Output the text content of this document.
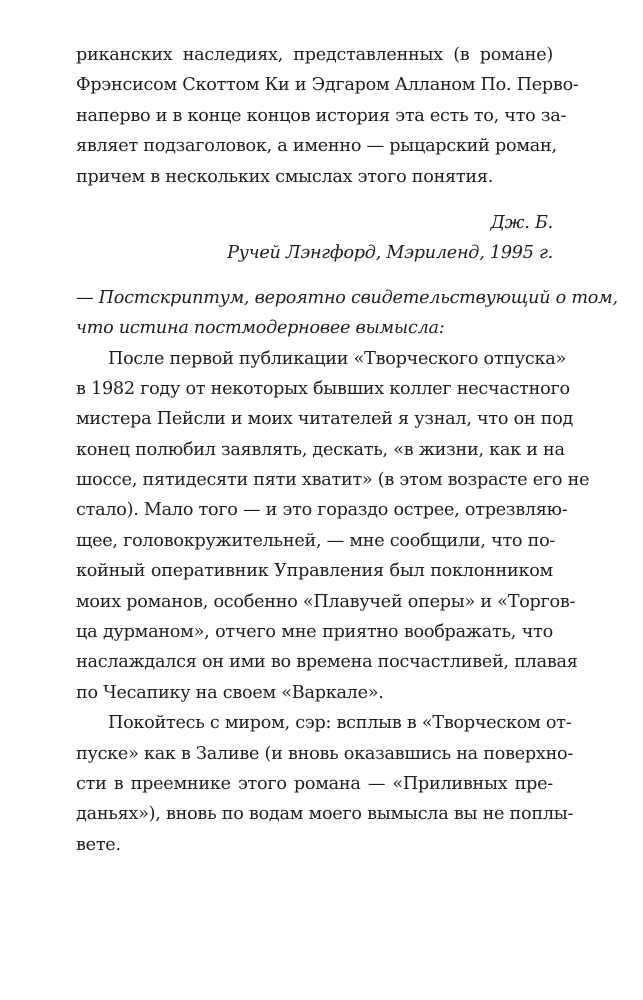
риканских наследиях, представленных (в романе)
Фрэнсисом Скоттом Ки и Эдгаром Алланом По. Перво-
наперво и в конце концов история эта есть то, что за-
являет подзаголовок, а именно — рыцарский роман,
причем в нескольких смыслах этого понятия.
Дж. Б.
Ручей Лэнгфорд, Мэриленд, 1995 г.
— Постскриптум, вероятно свидетельствующий о том,
что истина постмодерновее вымысла:
После первой публикации «Творческого отпуска»
в 1982 году от некоторых бывших коллег несчастного
мистера Пейсли и моих читателей я узнал, что он под
конец полюбил заявлять, дескать, «в жизни, как и на
шоссе, пятидесяти пяти хватит» (в этом возрасте его не
стало). Мало того — и это гораздо острее, отрезвляю-
щее, головокружительней, — мне сообщили, что по-
койный оперативник Управления был поклонником
моих романов, особенно «Плавучей оперы» и «Торгов-
ца дурманом», отчего мне приятно воображать, что
наслаждался он ими во времена посчастливей, плавая
по Чесапику на своем «Варкале».
Покойтесь с миром, сэр: всплыв в «Творческом от-
пуске» как в Заливе (и вновь оказавшись на поверхно-
сти в преемнике этого романа — «Приливных пре-
даньях»), вновь по водам моего вымысла вы не поплы-
вете.
